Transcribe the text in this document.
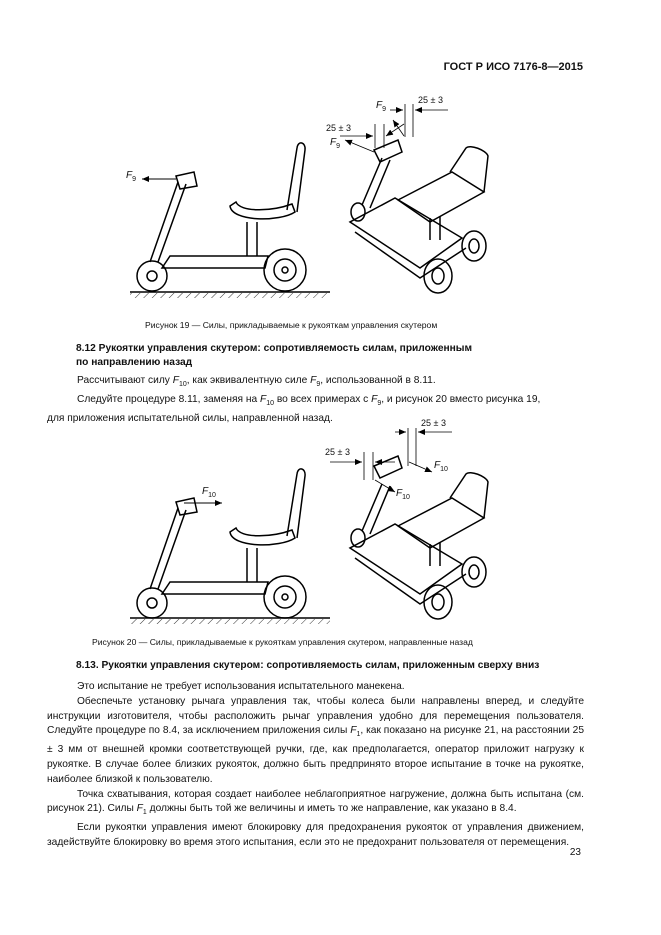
ГОСТ Р ИСО 7176-8—2015
$F_9$
$F_9$
$F_9$
25 ± 3
25 ± 3
Рисунок 19 — Силы, прикладываемые к рукояткам управления скутером
8.12 Рукоятки управления скутером: сопротивляемость силам, приложенным
по направлению назад

Рассчитывают силу $F_{10}$, как эквивалентную силе $F_9$, использованной в 8.11.

Следуйте процедуре 8.11, заменяя на $F_{10}$ во всех примерах с $F_9$, и рисунок 20 вместо рисунка 19,

для приложения испытательной силы, направленной назад.

$F_{10}$
$F_{10}$
$F_{10}$
25 ± 3
25 ± 3
Рисунок 20 — Силы, прикладываемые к рукояткам управления скутером, направленные назад
8.13. Рукоятки управления скутером: сопротивляемость силам, приложенным сверху вниз

Это испытание не требует использования испытательного манекена.

Обеспечьте установку рычага управления так, чтобы колеса были направлены вперед, и следуйте инструкции изготовителя, чтобы расположить рычаг управления удобно для перемещения пользователя. Следуйте процедуре по 8.4, за исключением приложения силы $F_1$, как показано на рисунке 21, на расстоянии 25 ± 3 мм от внешней кромки соответствующей ручки, где, как предполагается, оператор приложит нагрузку к рукоятке. В случае более близких рукояток, должно быть предпринято второе испытание в точке на рукоятке, наиболее близкой к пользователю.

Точка схватывания, которая создает наиболее неблагоприятное нагружение, должна быть испытана (см. рисунок 21). Силы $F_1$ должны быть той же величины и иметь то же направление, как указано в 8.4.

Если рукоятки управления имеют блокировку для предохранения рукояток от управления движением, задействуйте блокировку во время этого испытания, если это не предохранит пользователя от перемещения.

23
